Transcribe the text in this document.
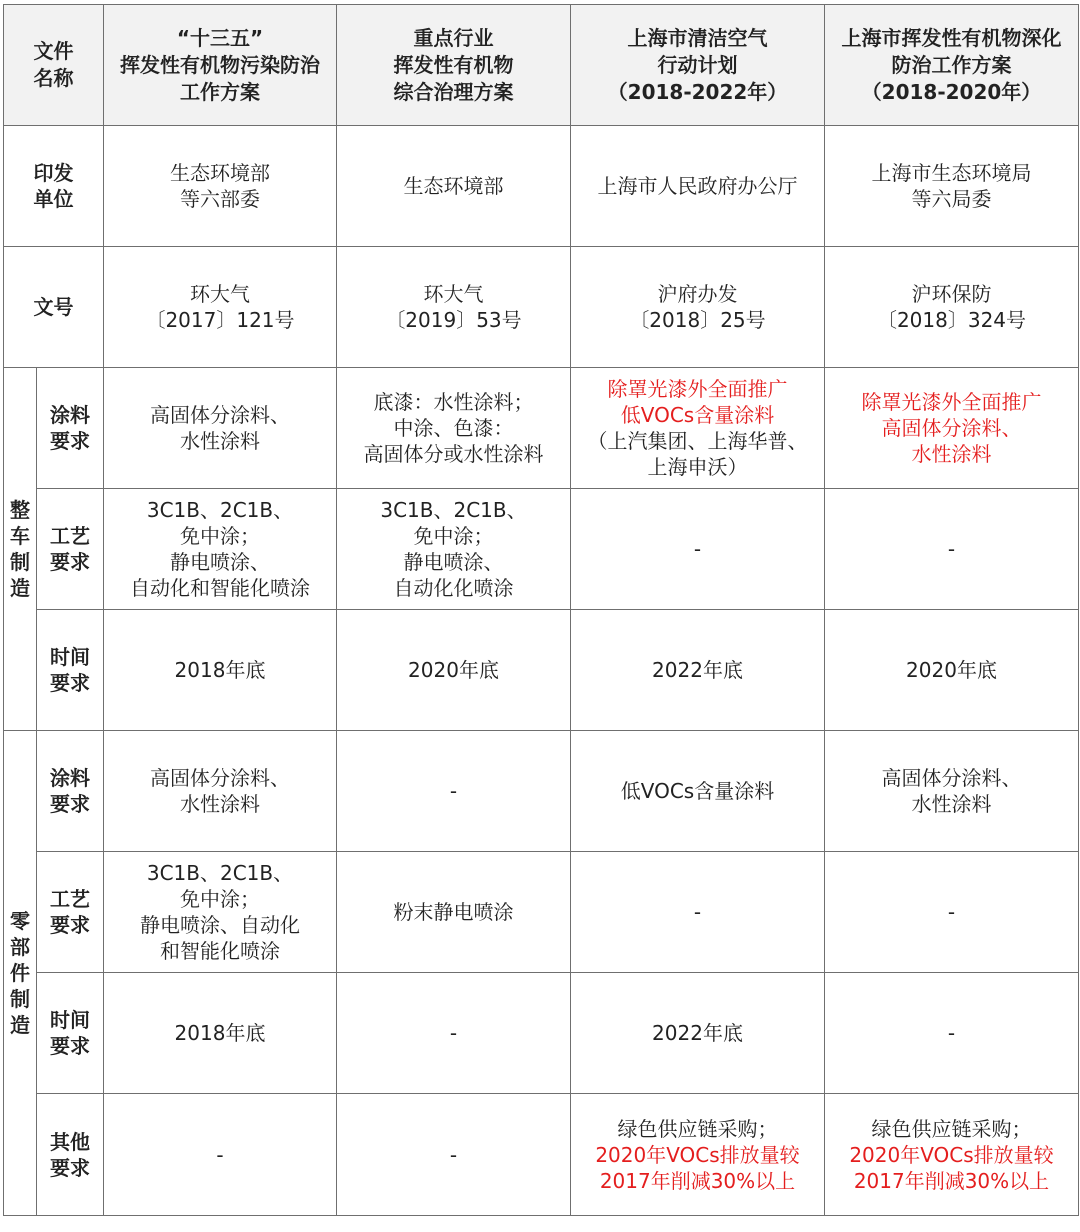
文件
名称		“十三五”
挥发性有机物污染防治
工作方案	重点行业
挥发性有机物
综合治理方案	上海市清洁空气
行动计划
（2018-2022年）	上海市挥发性有机物深化
防治工作方案
（2018-2020年）

印发
单位		生态环境部
等六部委	生态环境部	上海市人民政府办公厅	上海市生态环境局
等六局委

文号		环大气
〔2017〕121号	环大气
〔2019〕53号	沪府办发
〔2018〕25号	沪环保防
〔2018〕324号

整
车
制
造	涂料
要求	高固体分涂料、
水性涂料	底漆：水性涂料；
中涂、色漆：
高固体分或水性涂料	除罩光漆外全面推广
低VOCs含量涂料
（上汽集团、上海华普、
上海申沃）	除罩光漆外全面推广
高固体分涂料、
水性涂料

	工艺
要求	3C1B、2C1B、
免中涂；
静电喷涂、
自动化和智能化喷涂	3C1B、2C1B、
免中涂；
静电喷涂、
自动化化喷涂	-	-

	时间
要求	2018年底	2020年底	2022年底	2020年底

零
部
件
制
造	涂料
要求	高固体分涂料、
水性涂料	-	低VOCs含量涂料	高固体分涂料、
水性涂料

	工艺
要求	3C1B、2C1B、
免中涂；
静电喷涂、自动化
和智能化喷涂	粉末静电喷涂	-	-

	时间
要求	2018年底	-	2022年底	-

	其他
要求	-	-	绿色供应链采购；
2020年VOCs排放量较
2017年削减30%以上	绿色供应链采购；
2020年VOCs排放量较
2017年削减30%以上
